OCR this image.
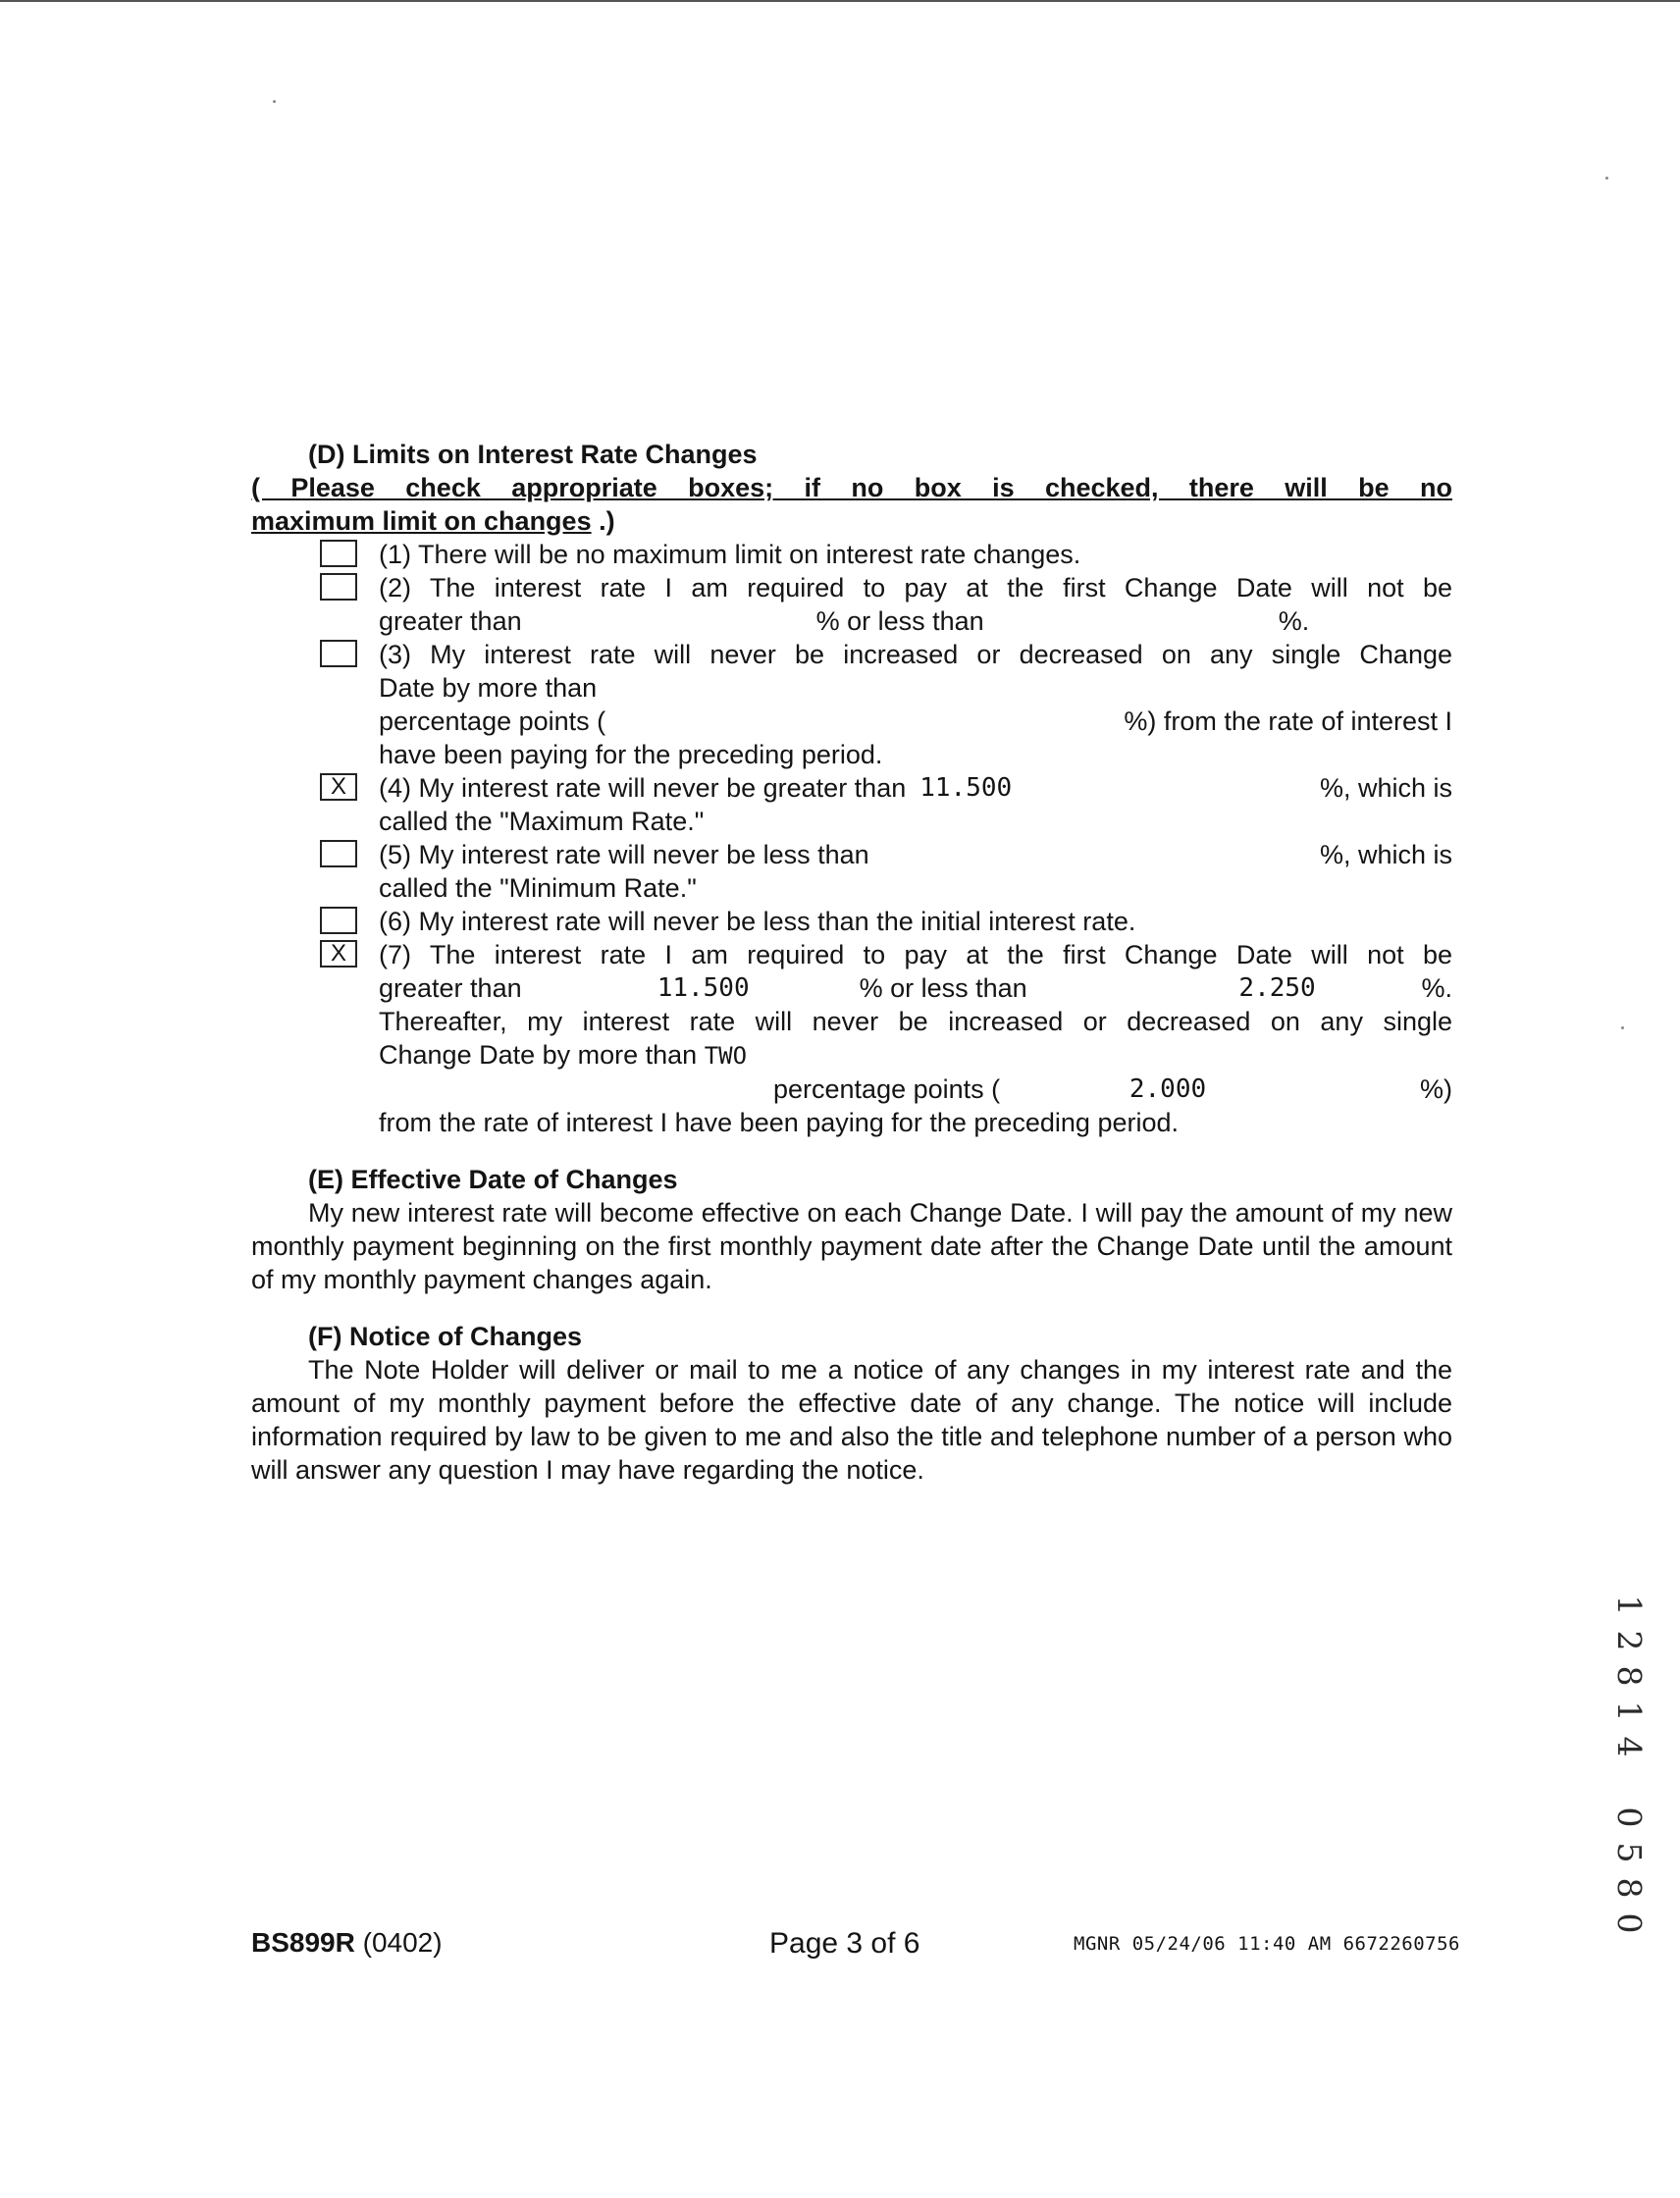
(D) Limits on Interest Rate Changes
( Please check appropriate boxes; if no box is checked, there will be no
maximum limit on changes .)
(1) There will be no maximum limit on interest rate changes.
(2) The interest rate I am required to pay at the first Change Date will not be
greater than	% or less than	%.
(3) My interest rate will never be increased or decreased on any single Change
Date by more than
percentage points (	%) from the rate of interest I
have been paying for the preceding period.
X	(4) My interest rate will never be greater than 11.500	%, which is
called the "Maximum Rate."
(5) My interest rate will never be less than	%, which is
called the "Minimum Rate."
(6) My interest rate will never be less than the initial interest rate.
X	(7) The interest rate I am required to pay at the first Change Date will not be
greater than	11.500	% or less than	2.250	%.
Thereafter, my interest rate will never be increased or decreased on any single
Change Date by more than TWO
percentage points (	2.000	%)
from the rate of interest I have been paying for the preceding period.
(E) Effective Date of Changes
My new interest rate will become effective on each Change Date. I will pay the amount of my new monthly payment beginning on the first monthly payment date after the Change Date until the amount of my monthly payment changes again.
(F) Notice of Changes
The Note Holder will deliver or mail to me a notice of any changes in my interest rate and the amount of my monthly payment before the effective date of any change. The notice will include information required by law to be given to me and also the title and telephone number of a person who will answer any question I may have regarding the notice.
BS899R (0402)	Page 3 of 6	MGNR 05/24/06 11:40 AM 6672260756
1
2
8
1
4

0
5
8
0
